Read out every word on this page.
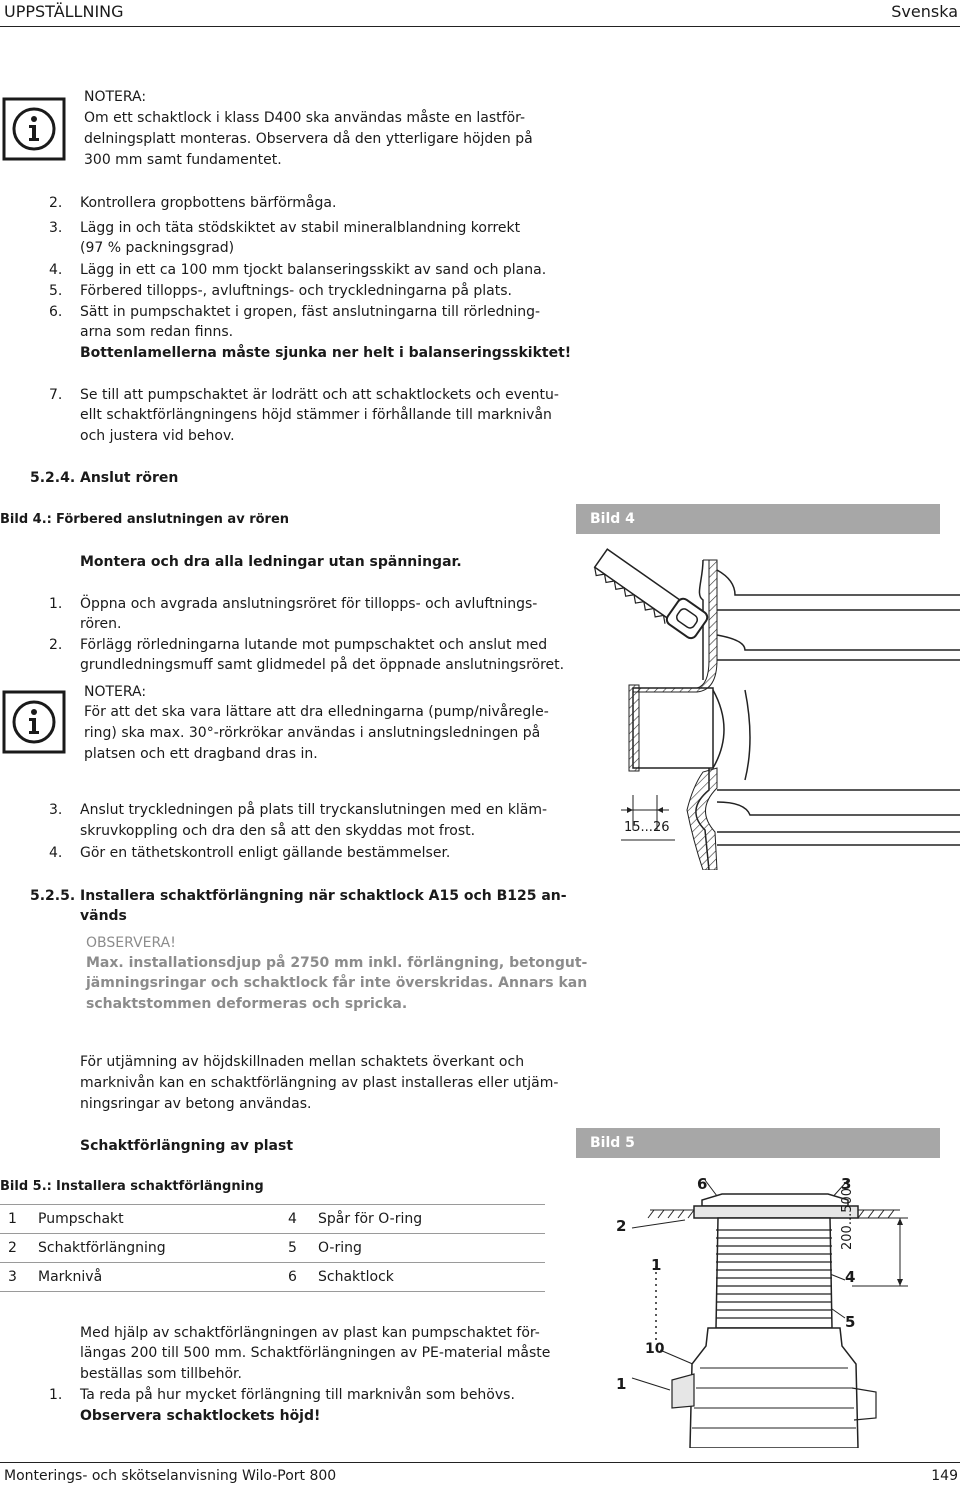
UPPSTÄLLNING	Svenska
NOTERA:
Om ett schaktlock i klass D400 ska användas måste en lastför-
delningsplatt monteras. Observera då den ytterligare höjden på
300 mm samt fundamentet.
2.	Kontrollera gropbottens bärförmåga.
3.	Lägg in och täta stödskiktet av stabil mineralblandning korrekt
(97 % packningsgrad)
4.	Lägg in ett ca 100 mm tjockt balanseringsskikt av sand och plana.
5.	Förbered tillopps-, avluftnings- och tryckledningarna på plats.
6.	Sätt in pumpschaktet i gropen, fäst anslutningarna till rörledning-
arna som redan finns.
Bottenlamellerna måste sjunka ner helt i balanseringsskiktet!
7.	Se till att pumpschaktet är lodrätt och att schaktlockets och eventu-
ellt schaktförlängningens höjd stämmer i förhållande till marknivån
och justera vid behov.
5.2.4. Anslut rören
Bild 4.: Förbered anslutningen av rören	Bild 4
Montera och dra alla ledningar utan spänningar.
1.	Öppna och avgrada anslutningsröret för tillopps- och avluftnings-
rören.
2.	Förlägg rörledningarna lutande mot pumpschaktet och anslut med
grundledningsmuff samt glidmedel på det öppnade anslutningsröret.
NOTERA:
För att det ska vara lättare att dra elledningarna (pump/nivåregle-
ring) ska max. 30°-rörkrökar användas i anslutningsledningen på
platsen och ett dragband dras in.
3.	Anslut tryckledningen på plats till tryckanslutningen med en kläm-
skruvkoppling och dra den så att den skyddas mot frost.
4.	Gör en täthetskontroll enligt gällande bestämmelser.
15...26
5.2.5. Installera schaktförlängning när schaktlock A15 och B125 an-
vänds
OBSERVERA!
Max. installationsdjup på 2750 mm inkl. förlängning, betongut-
jämningsringar och schaktlock får inte överskridas. Annars kan
schaktstommen deformeras och spricka.
För utjämning av höjdskillnaden mellan schaktets överkant och
marknivån kan en schaktförlängning av plast installeras eller utjäm-
ningsringar av betong användas.
Schaktförlängning av plast	Bild 5
Bild 5.: Installera schaktförlängning
1	Pumpschakt	4	Spår för O-ring
2	Schaktförlängning	5	O-ring
3	Marknivå	6	Schaktlock
Med hjälp av schaktförlängningen av plast kan pumpschaktet för-
längas 200 till 500 mm. Schaktförlängningen av PE-material måste
beställas som tillbehör.
1.	Ta reda på hur mycket förlängning till marknivån som behövs.
Observera schaktlockets höjd!
6	3
2
1
4
200...500
5
10
1
Monterings- och skötselanvisning Wilo-Port 800	149
